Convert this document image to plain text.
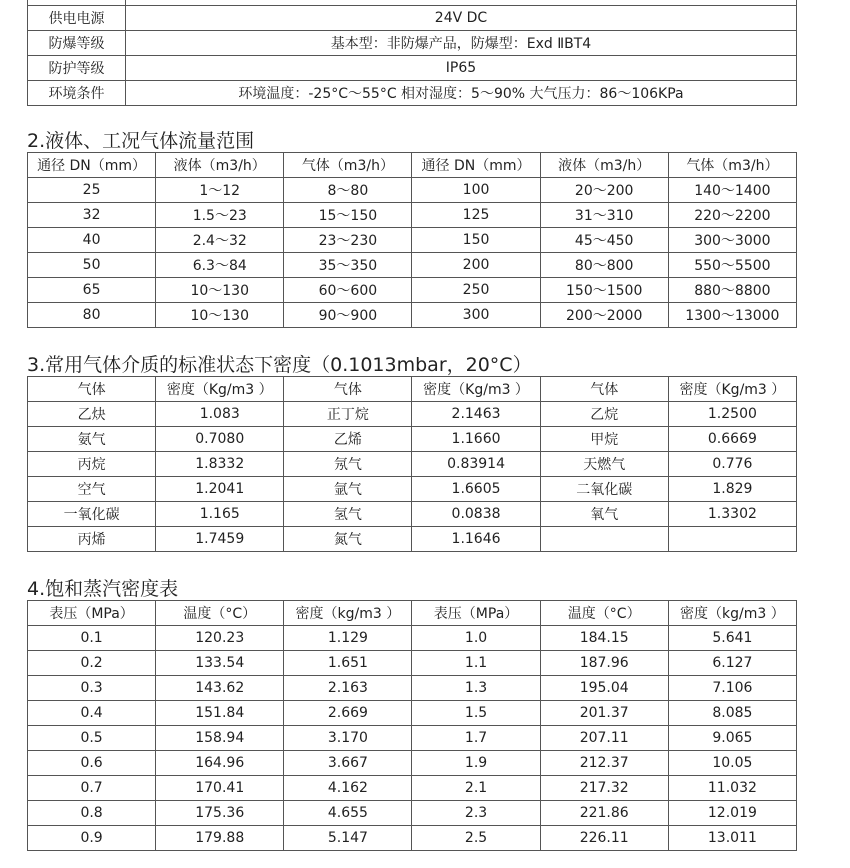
供电电源	24V DC
防爆等级	基本型：非防爆产品，防爆型：Exd ⅡBT4
防护等级	IP65
环境条件	环境温度：-25°C～55°C 相对湿度：5～90% 大气压力：86～106KPa
2.液体、工况气体流量范围
通径 DN（mm）	液体（m3/h）	气体（m3/h）	通径 DN（mm）	液体（m3/h）	气体（m3/h）
25	1～12	8～80	100	20～200	140～1400
32	1.5～23	15～150	125	31～310	220～2200
40	2.4～32	23～230	150	45～450	300～3000
50	6.3～84	35～350	200	80～800	550～5500
65	10～130	60～600	250	150～1500	880～8800
80	10～130	90～900	300	200～2000	1300～13000
3.常用气体介质的标准状态下密度（0.1013mbar，20°C）
气体	密度（Kg/m3 ）	气体	密度（Kg/m3 ）	气体	密度（Kg/m3 ）
乙炔	1.083	正丁烷	2.1463	乙烷	1.2500
氨气	0.7080	乙烯	1.1660	甲烷	0.6669
丙烷	1.8332	氖气	0.83914	天燃气	0.776
空气	1.2041	氩气	1.6605	二氧化碳	1.829
一氧化碳	1.165	氢气	0.0838	氧气	1.3302
丙烯	1.7459	氮气	1.1646		
4.饱和蒸汽密度表
表压（MPa）	温度（°C）	密度（kg/m3 ）	表压（MPa）	温度（°C）	密度（kg/m3 ）
0.1	120.23	1.129	1.0	184.15	5.641
0.2	133.54	1.651	1.1	187.96	6.127
0.3	143.62	2.163	1.3	195.04	7.106
0.4	151.84	2.669	1.5	201.37	8.085
0.5	158.94	3.170	1.7	207.11	9.065
0.6	164.96	3.667	1.9	212.37	10.05
0.7	170.41	4.162	2.1	217.32	11.032
0.8	175.36	4.655	2.3	221.86	12.019
0.9	179.88	5.147	2.5	226.11	13.011
